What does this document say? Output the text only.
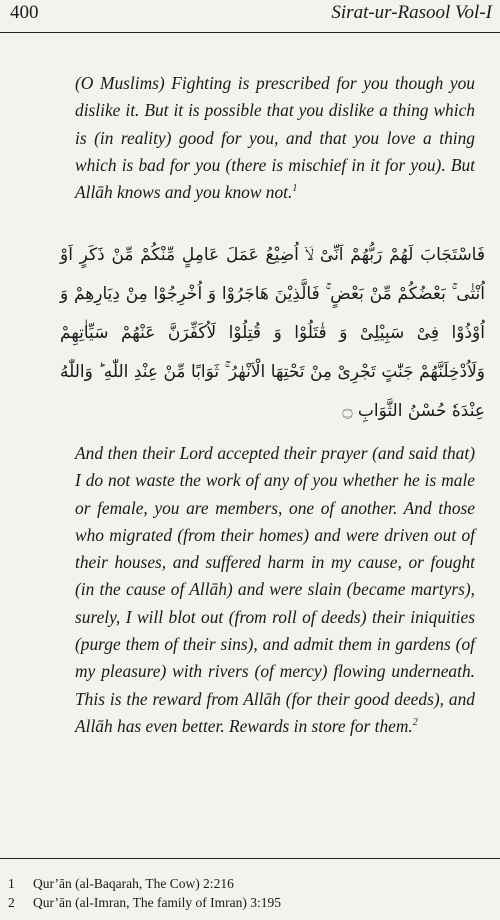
400	Sirat-ur-Rasool Vol-I
(O Muslims) Fighting is prescribed for you though you dislike it. But it is possible that you dislike a thing which is (in reality) good for you, and that you love a thing which is bad for you (there is mischief in it for you). But Allāh knows and you know not.$^1$
فَاسْتَجَابَ لَهُمْ رَبُّهُمْ اَنِّىْ لَاۤ اُضِيْعُ عَمَلَ عَامِلٍ مِّنْكُمْ مِّنْ ذَكَرٍ اَوْ اُنْثٰى ۚ بَعْضُكُمْ مِّنْ بَعْضٍ ۚ فَالَّذِيْنَ هَاجَرُوْا وَ اُخْرِجُوْا مِنْ دِيَارِهِمْ وَ اُوْذُوْا فِىْ سَبِيْلِىْ وَ قٰتَلُوْا وَ قُتِلُوْا لَاُكَفِّرَنَّ عَنْهُمْ سَيِّاٰتِهِمْ وَلَاُدْخِلَنَّهُمْ جَنّٰتٍ تَجْرِىْ مِنْ تَحْتِهَا الْاَنْهٰرُ ۚ ثَوَابًا مِّنْ عِنْدِ اللّٰهِ ؕ وَاللّٰهُ عِنْدَهٗ حُسْنُ الثَّوَابِ ۝
And then their Lord accepted their prayer (and said that) I do not waste the work of any of you whether he is male or female, you are members, one of another. And those who migrated (from their homes) and were driven out of their houses, and suffered harm in my cause, or fought (in the cause of Allāh) and were slain (became martyrs), surely, I will blot out (from roll of deeds) their iniquities (purge them of their sins), and admit them in gardens (of my pleasure) with rivers (of mercy) flowing underneath. This is the reward from Allāh (for their good deeds), and Allāh has even better. Rewards in store for them.$^2$
1	Qur’ān (al-Baqarah, The Cow) 2:216
2	Qur’ān (al-Imran, The family of Imran) 3:195
